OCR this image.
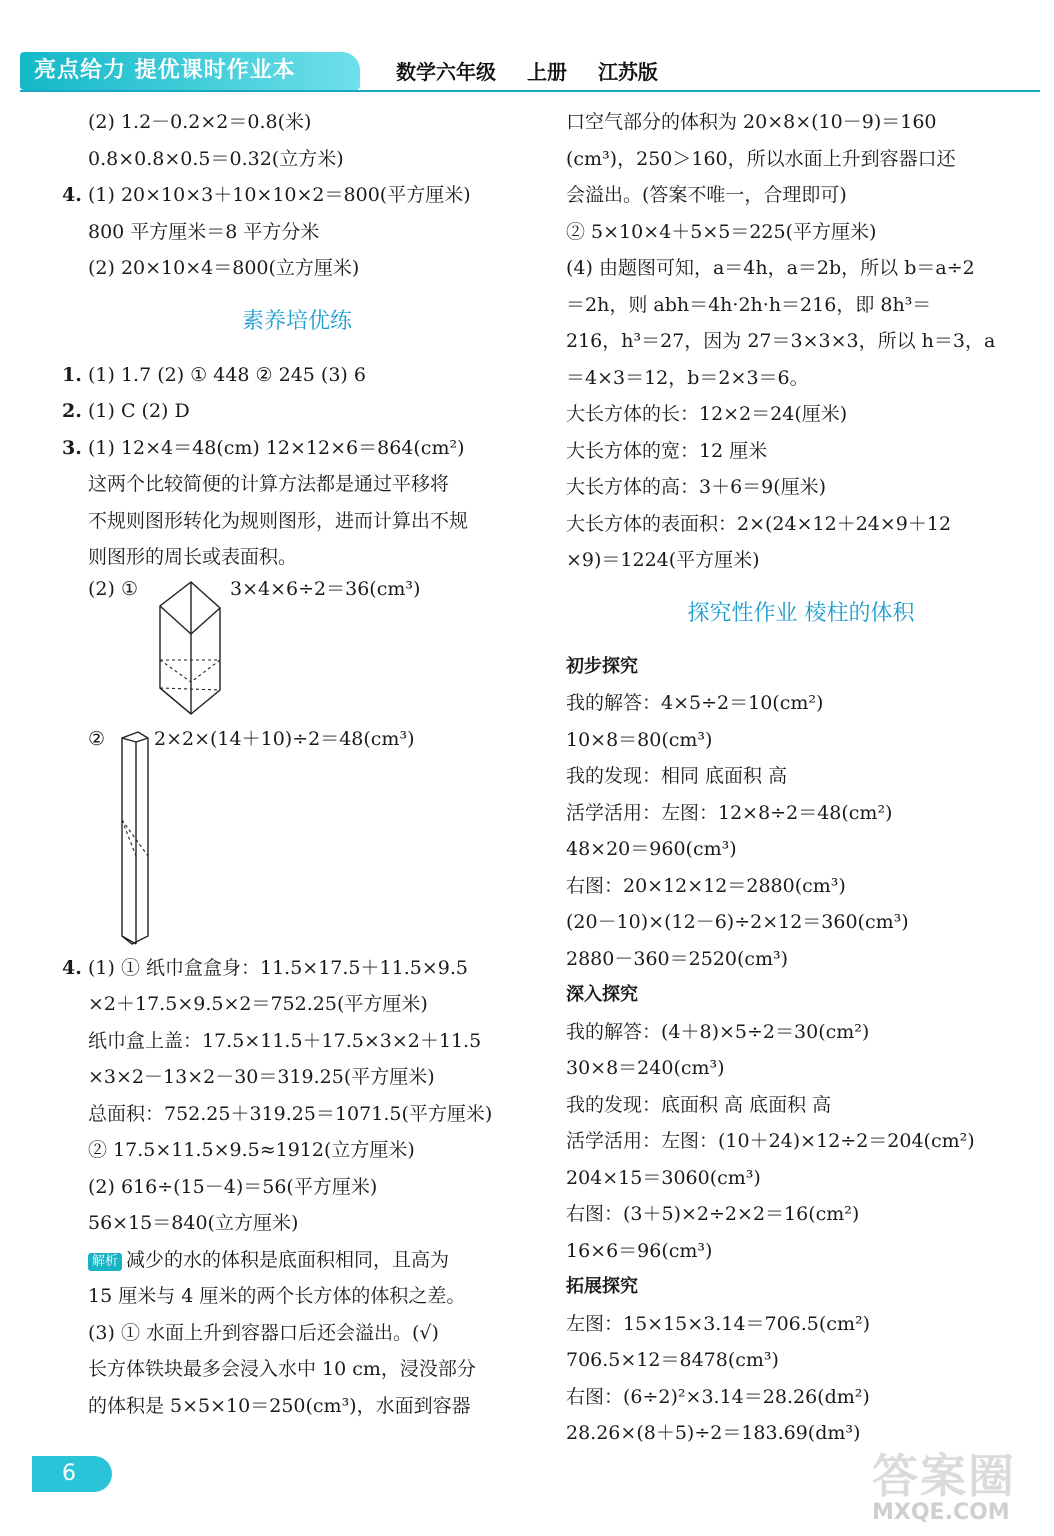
亮点给力 提优课时作业本	数学六年级 上册 江苏版
(2) 1.2－0.2×2＝0.8(米)
0.8×0.8×0.5＝0.32(立方米)
4. (1) 20×10×3＋10×10×2＝800(平方厘米)
800 平方厘米＝8 平方分米
(2) 20×10×4＝800(立方厘米)
素养培优练
1. (1) 1.7 (2) ① 448 ② 245 (3) 6
2. (1) C (2) D
3. (1) 12×4＝48(cm) 12×12×6＝864(cm²)
这两个比较简便的计算方法都是通过平移将
不规则图形转化为规则图形，进而计算出不规
则图形的周长或表面积。
(2) ①	3×4×6÷2＝36(cm³)
②	2×2×(14＋10)÷2＝48(cm³)
4. (1) ① 纸巾盒盒身：11.5×17.5＋11.5×9.5
×2＋17.5×9.5×2＝752.25(平方厘米)
纸巾盒上盖：17.5×11.5＋17.5×3×2＋11.5
×3×2－13×2－30＝319.25(平方厘米)
总面积：752.25＋319.25＝1071.5(平方厘米)
② 17.5×11.5×9.5≈1912(立方厘米)
(2) 616÷(15－4)＝56(平方厘米)
56×15＝840(立方厘米)
解析 减少的水的体积是底面积相同，且高为
15 厘米与 4 厘米的两个长方体的体积之差。
(3) ① 水面上升到容器口后还会溢出。(√)
长方体铁块最多会浸入水中 10 cm，浸没部分
的体积是 5×5×10＝250(cm³)，水面到容器
口空气部分的体积为 20×8×(10－9)＝160
(cm³)，250＞160，所以水面上升到容器口还
会溢出。(答案不唯一，合理即可)
② 5×10×4＋5×5＝225(平方厘米)
(4) 由题图可知，a＝4h，a＝2b，所以 b＝a÷2
＝2h，则 abh＝4h·2h·h＝216，即 8h³＝
216，h³＝27，因为 27＝3×3×3，所以 h＝3，a
＝4×3＝12，b＝2×3＝6。
大长方体的长：12×2＝24(厘米)
大长方体的宽：12 厘米
大长方体的高：3＋6＝9(厘米)
大长方体的表面积：2×(24×12＋24×9＋12
×9)＝1224(平方厘米)
探究性作业 棱柱的体积
初步探究
我的解答：4×5÷2＝10(cm²)
10×8＝80(cm³)
我的发现：相同 底面积 高
活学活用：左图：12×8÷2＝48(cm²)
48×20＝960(cm³)
右图：20×12×12＝2880(cm³)
(20－10)×(12－6)÷2×12＝360(cm³)
2880－360＝2520(cm³)
深入探究
我的解答：(4＋8)×5÷2＝30(cm²)
30×8＝240(cm³)
我的发现：底面积 高 底面积 高
活学活用：左图：(10＋24)×12÷2＝204(cm²)
204×15＝3060(cm³)
右图：(3＋5)×2÷2×2＝16(cm²)
16×6＝96(cm³)
拓展探究
左图：15×15×3.14＝706.5(cm²)
706.5×12＝8478(cm³)
右图：(6÷2)²×3.14＝28.26(dm²)
28.26×(8＋5)÷2＝183.69(dm³)
6	答案圈
MXQE.COM
